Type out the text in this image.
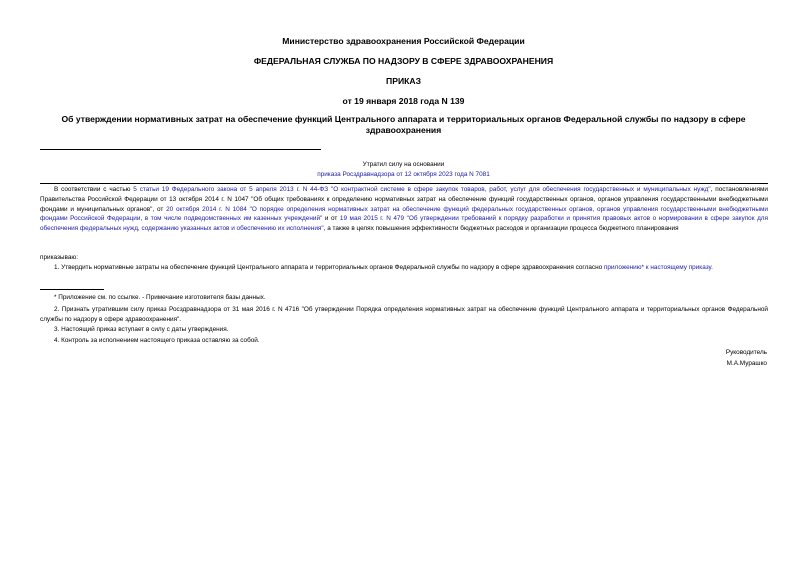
Министерство здравоохранения Российской Федерации
ФЕДЕРАЛЬНАЯ СЛУЖБА ПО НАДЗОРУ В СФЕРЕ ЗДРАВООХРАНЕНИЯ
ПРИКАЗ
от 19 января 2018 года N 139
Об утверждении нормативных затрат на обеспечение функций Центрального аппарата и территориальных органов Федеральной службы по надзору в сфере здравоохранения
Утратил силу на основании
приказа Росздравнадзора от 12 октября 2023 года N 7081
В соответствии с частью 5 статьи 19 Федерального закона от 5 апреля 2013 г. N 44-ФЗ "О контрактной системе в сфере закупок товаров, работ, услуг для обеспечения государственных и муниципальных нужд", постановлениями Правительства Российской Федерации от 13 октября 2014 г. N 1047 "Об общих требованиях к определению нормативных затрат на обеспечение функций государственных органов, органов управления государственными внебюджетными фондами и муниципальных органов", от 20 октября 2014 г. N 1084 "О порядке определения нормативных затрат на обеспечение функций федеральных государственных органов, органов управления государственными внебюджетными фондами Российской Федерации, в том числе подведомственных им казенных учреждений" и от 19 мая 2015 г. N 479 "Об утверждении требований к порядку разработки и принятия правовых актов о нормировании в сфере закупок для обеспечения федеральных нужд, содержанию указанных актов и обеспечению их исполнения", а также в целях повышения эффективности бюджетных расходов и организации процесса бюджетного планирования
приказываю:
1. Утвердить нормативные затраты на обеспечение функций Центрального аппарата и территориальных органов Федеральной службы по надзору в сфере здравоохранения согласно приложению* к настоящему приказу.
* Приложение см. по ссылке. - Примечание изготовителя базы данных.
2. Признать утратившим силу приказ Росздравнадзора от 31 мая 2016 г. N 4716 "Об утверждении Порядка определения нормативных затрат на обеспечение функций Центрального аппарата и территориальных органов Федеральной службы по надзору в сфере здравоохранения".
3. Настоящий приказ вступает в силу с даты утверждения.
4. Контроль за исполнением настоящего приказа оставляю за собой.
Руководитель
М.А.Мурашко
